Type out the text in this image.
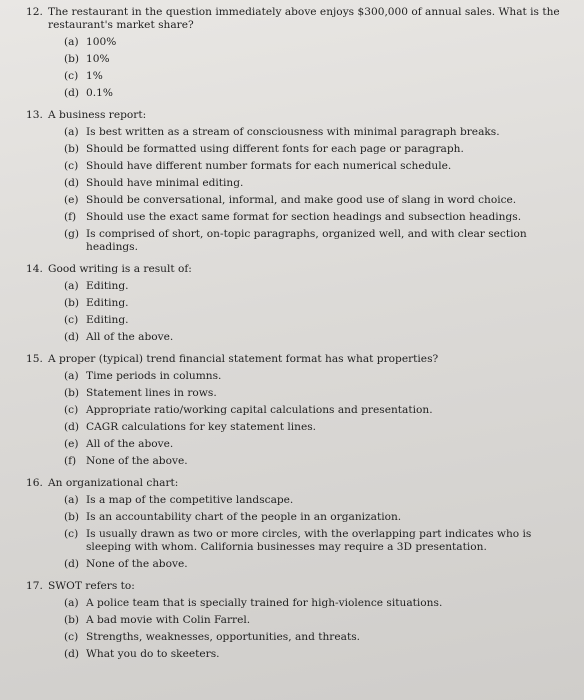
12. The restaurant in the question immediately above enjoys $300,000 of annual sales. What is the restaurant's market share?

(a) 100%
(b) 10%
(c) 1%
(d) 0.1%

13. A business report:

(a) Is best written as a stream of consciousness with minimal paragraph breaks.
(b) Should be formatted using different fonts for each page or paragraph.
(c) Should have different number formats for each numerical schedule.
(d) Should have minimal editing.
(e) Should be conversational, informal, and make good use of slang in word choice.
(f) Should use the exact same format for section headings and subsection headings.
(g) Is comprised of short, on-topic paragraphs, organized well, and with clear section headings.

14. Good writing is a result of:

(a) Editing.
(b) Editing.
(c) Editing.
(d) All of the above.

15. A proper (typical) trend financial statement format has what properties?

(a) Time periods in columns.
(b) Statement lines in rows.
(c) Appropriate ratio/working capital calculations and presentation.
(d) CAGR calculations for key statement lines.
(e) All of the above.
(f) None of the above.

16. An organizational chart:

(a) Is a map of the competitive landscape.
(b) Is an accountability chart of the people in an organization.
(c) Is usually drawn as two or more circles, with the overlapping part indicates who is sleeping with whom. California businesses may require a 3D presentation.
(d) None of the above.

17. SWOT refers to:

(a) A police team that is specially trained for high-violence situations.
(b) A bad movie with Colin Farrel.
(c) Strengths, weaknesses, opportunities, and threats.
(d) What you do to skeeters.
